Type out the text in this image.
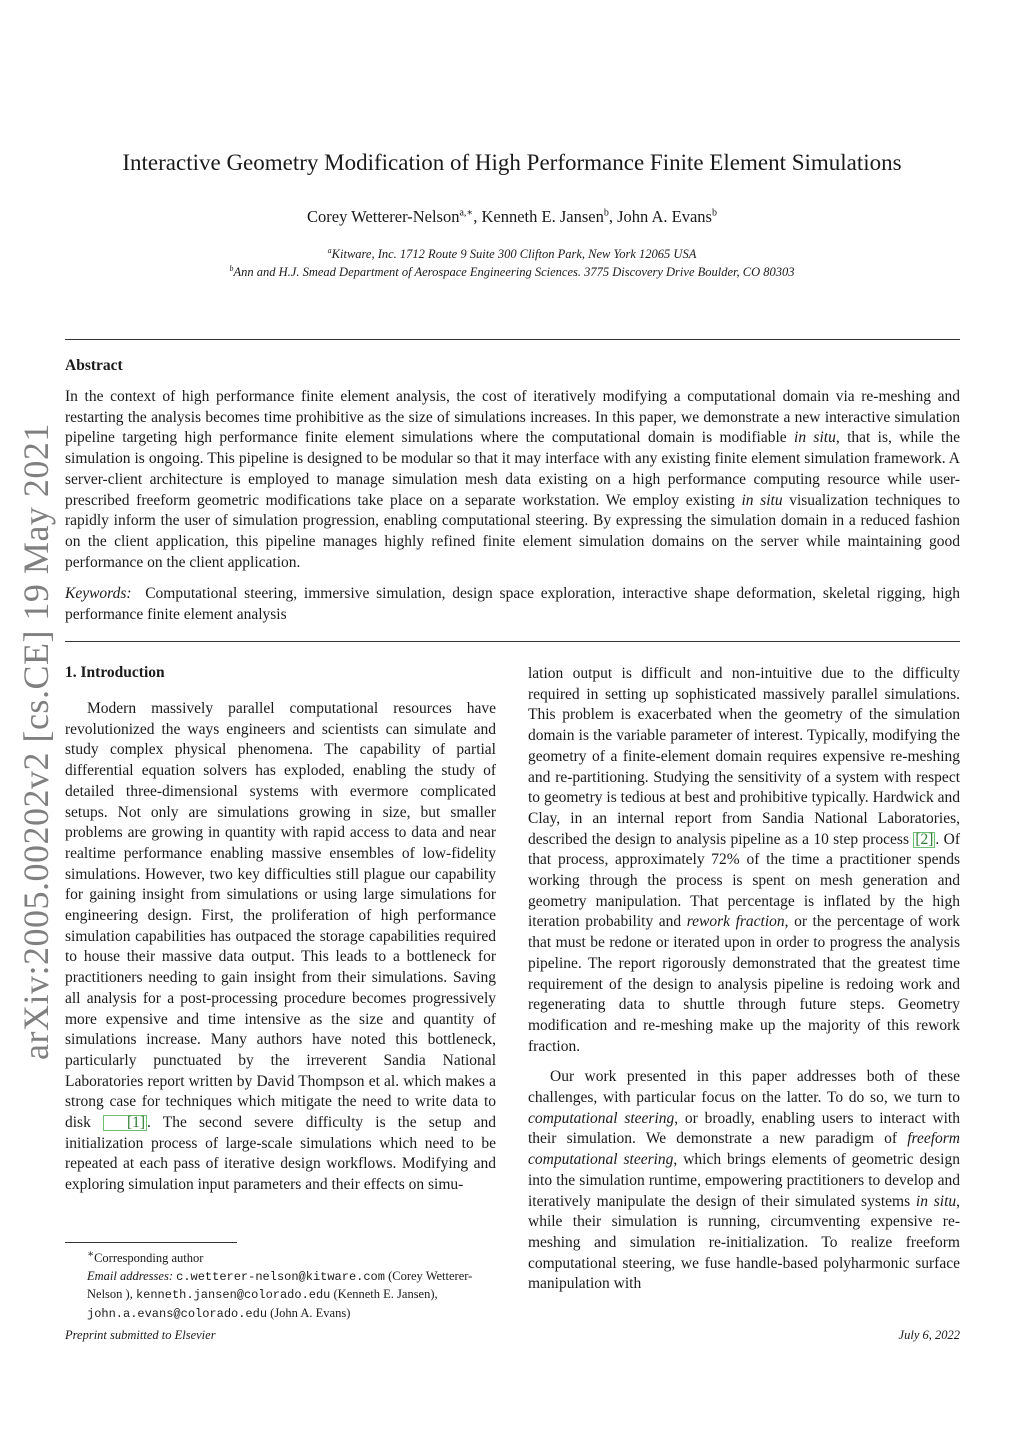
arXiv:2005.00202v2 [cs.CE] 19 May 2021
Interactive Geometry Modification of High Performance Finite Element Simulations
Corey Wetterer-Nelson$^{a,∗}$, Kenneth E. Jansen$^b$, John A. Evans$^b$
$^a$Kitware, Inc. 1712 Route 9 Suite 300 Clifton Park, New York 12065 USA
$^b$Ann and H.J. Smead Department of Aerospace Engineering Sciences. 3775 Discovery Drive Boulder, CO 80303
Abstract
In the context of high performance finite element analysis, the cost of iteratively modifying a computational domain via re-meshing and restarting the analysis becomes time prohibitive as the size of simulations increases. In this paper, we demonstrate a new interactive simulation pipeline targeting high performance finite element simulations where the computational domain is modifiable in situ, that is, while the simulation is ongoing. This pipeline is designed to be modular so that it may interface with any existing finite element simulation framework. A server-client architecture is employed to manage simulation mesh data existing on a high performance computing resource while user-prescribed freeform geometric modifications take place on a separate workstation. We employ existing in situ visualization techniques to rapidly inform the user of simulation progression, enabling computational steering. By expressing the simulation domain in a reduced fashion on the client application, this pipeline manages highly refined finite element simulation domains on the server while maintaining good performance on the client application.
Keywords: Computational steering, immersive simulation, design space exploration, interactive shape deformation, skeletal rigging, high performance finite element analysis
1. Introduction

Modern massively parallel computational resources have revolutionized the ways engineers and scientists can simulate and study complex physical phenomena. The capability of partial differential equation solvers has exploded, enabling the study of detailed three-dimensional systems with evermore complicated setups. Not only are simulations growing in size, but smaller problems are growing in quantity with rapid access to data and near realtime performance enabling massive ensembles of low-fidelity simulations. However, two key difficulties still plague our capability for gaining insight from simulations or using large simulations for engineering design. First, the proliferation of high performance simulation capabilities has outpaced the storage capabilities required to house their massive data output. This leads to a bottleneck for practitioners needing to gain insight from their simulations. Saving all analysis for a post-processing procedure becomes progressively more expensive and time intensive as the size and quantity of simulations increase. Many authors have noted this bottleneck, particularly punctuated by the irreverent Sandia National Laboratories report written by David Thompson et al. which makes a strong case for techniques which mitigate the need to write data to disk [1] . The second severe difficulty is the setup and initialization process of large-scale simulations which need to be repeated at each pass of iterative design workflows. Modifying and exploring simulation input parameters and their effects on simu-

lation output is difficult and non-intuitive due to the difficulty required in setting up sophisticated massively parallel simulations. This problem is exacerbated when the geometry of the simulation domain is the variable parameter of interest. Typically, modifying the geometry of a finite-element domain requires expensive re-meshing and re-partitioning. Studying the sensitivity of a system with respect to geometry is tedious at best and prohibitive typically. Hardwick and Clay, in an internal report from Sandia National Laboratories, described the design to analysis pipeline as a 10 step process [2] . Of that process, approximately 72% of the time a practitioner spends working through the process is spent on mesh generation and geometry manipulation. That percentage is inflated by the high iteration probability and rework fraction, or the percentage of work that must be redone or iterated upon in order to progress the analysis pipeline. The report rigorously demonstrated that the greatest time requirement of the design to analysis pipeline is redoing work and regenerating data to shuttle through future steps. Geometry modification and re-meshing make up the majority of this rework fraction.

Our work presented in this paper addresses both of these challenges, with particular focus on the latter. To do so, we turn to computational steering, or broadly, enabling users to interact with their simulation. We demonstrate a new paradigm of freeform computational steering, which brings elements of geometric design into the simulation runtime, empowering practitioners to develop and iteratively manipulate the design of their simulated systems in situ, while their simulation is running, circumventing expensive re-meshing and simulation re-initialization. To realize freeform computational steering, we fuse handle-based polyharmonic surface manipulation with

∗Corresponding author
Email addresses: c.wetterer-nelson@kitware.com (Corey Wetterer-Nelson ), kenneth.jansen@colorado.edu (Kenneth E. Jansen), john.a.evans@colorado.edu (John A. Evans)
Preprint submitted to Elsevier	July 6, 2022
